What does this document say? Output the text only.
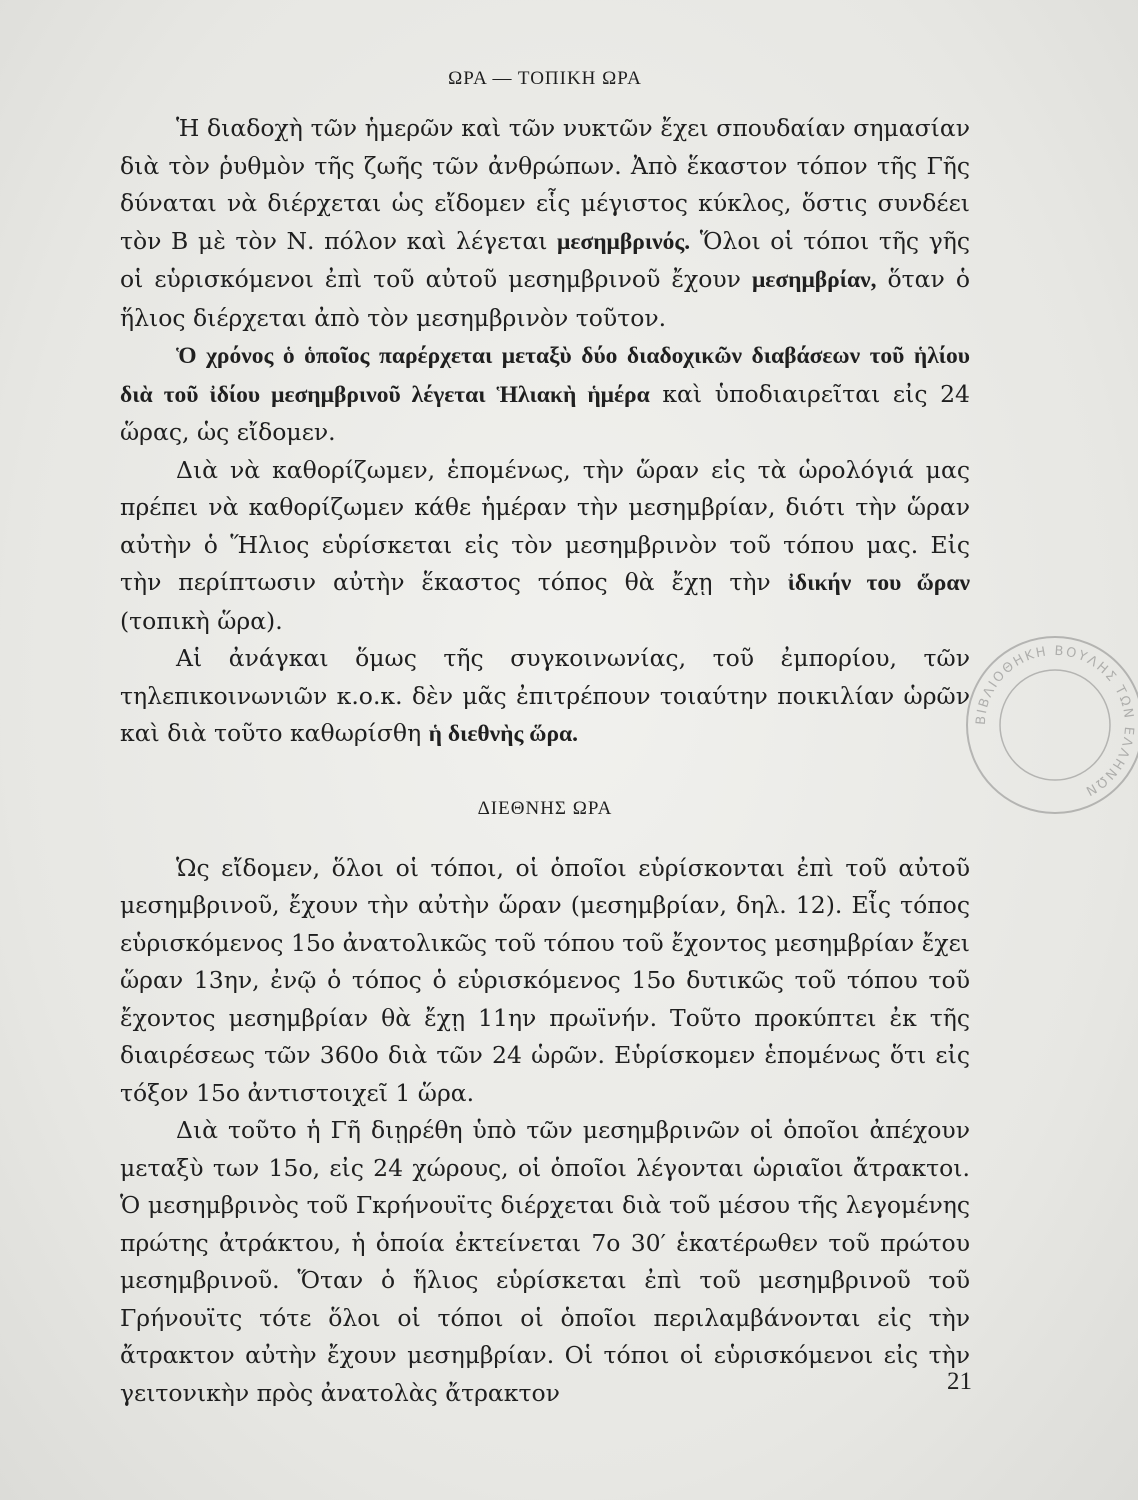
ΩΡΑ — ΤΟΠΙΚΗ ΩΡΑ

Ἡ διαδοχὴ τῶν ἡμερῶν καὶ τῶν νυκτῶν ἔχει σπουδαίαν σημασίαν διὰ τὸν ῥυθμὸν τῆς ζωῆς τῶν ἀνθρώπων. Ἀπὸ ἕκαστον τόπον τῆς Γῆς δύναται νὰ διέρχεται ὡς εἴδομεν εἷς μέγιστος κύκλος, ὅστις συνδέει τὸν Β μὲ τὸν Ν. πόλον καὶ λέγεται μεσημβρινός. Ὅλοι οἱ τόποι τῆς γῆς οἱ εὑρισκόμενοι ἐπὶ τοῦ αὐτοῦ μεσημβρινοῦ ἔχουν μεσημβρίαν, ὅταν ὁ ἥλιος διέρχεται ἀπὸ τὸν μεσημβρινὸν τοῦτον.

Ὁ χρόνος ὁ ὁποῖος παρέρχεται μεταξὺ δύο διαδοχικῶν διαβάσεων τοῦ ἡλίου διὰ τοῦ ἰδίου μεσημβρινοῦ λέγεται Ἡλιακὴ ἡμέρα καὶ ὑποδιαιρεῖται εἰς 24 ὥρας, ὡς εἴδομεν.

Διὰ νὰ καθορίζωμεν, ἑπομένως, τὴν ὥραν εἰς τὰ ὡρολόγιά μας πρέπει νὰ καθορίζωμεν κάθε ἡμέραν τὴν μεσημβρίαν, διότι τὴν ὥραν αὐτὴν ὁ Ἥλιος εὑρίσκεται εἰς τὸν μεσημβρινὸν τοῦ τόπου μας. Εἰς τὴν περίπτωσιν αὐτὴν ἕκαστος τόπος θὰ ἔχῃ τὴν ἰδικήν του ὥραν (τοπικὴ ὥρα).

Αἱ ἀνάγκαι ὅμως τῆς συγκοινωνίας, τοῦ ἐμπορίου, τῶν τηλεπικοινωνιῶν κ.ο.κ. δὲν μᾶς ἐπιτρέπουν τοιαύτην ποικιλίαν ὡρῶν καὶ διὰ τοῦτο καθωρίσθη ἡ διεθνὴς ὥρα.

ΔΙΕΘΝΗΣ ΩΡΑ

Ὡς εἴδομεν, ὅλοι οἱ τόποι, οἱ ὁποῖοι εὑρίσκονται ἐπὶ τοῦ αὐτοῦ μεσημβρινοῦ, ἔχουν τὴν αὐτὴν ὥραν (μεσημβρίαν, δηλ. 12). Εἷς τόπος εὑρισκόμενος 15ο ἀνατολικῶς τοῦ τόπου τοῦ ἔχοντος μεσημβρίαν ἔχει ὥραν 13ην, ἐνῷ ὁ τόπος ὁ εὑρισκόμενος 15ο δυτικῶς τοῦ τόπου τοῦ ἔχοντος μεσημβρίαν θὰ ἔχῃ 11ην πρωϊνήν. Τοῦτο προκύπτει ἐκ τῆς διαιρέσεως τῶν 360ο διὰ τῶν 24 ὡρῶν. Εὑρίσκομεν ἑπομένως ὅτι εἰς τόξον 15ο ἀντιστοιχεῖ 1 ὥρα.

Διὰ τοῦτο ἡ Γῆ διῃρέθη ὑπὸ τῶν μεσημβρινῶν οἱ ὁποῖοι ἀπέχουν μεταξὺ των 15ο, εἰς 24 χώρους, οἱ ὁποῖοι λέγονται ὡριαῖοι ἄτρακτοι. Ὁ μεσημβρινὸς τοῦ Γκρήνουϊτς διέρχεται διὰ τοῦ μέσου τῆς λεγομένης πρώτης ἀτράκτου, ἡ ὁποία ἐκτείνεται 7ο 30′ ἑκατέρωθεν τοῦ πρώτου μεσημβρινοῦ. Ὅταν ὁ ἥλιος εὑρίσκεται ἐπὶ τοῦ μεσημβρινοῦ τοῦ Γρήνουϊτς τότε ὅλοι οἱ τόποι οἱ ὁποῖοι περιλαμβάνονται εἰς τὴν ἄτρακτον αὐτὴν ἔχουν μεσημβρίαν. Οἱ τόποι οἱ εὑρισκόμενοι εἰς τὴν γειτονικὴν πρὸς ἀνατολὰς ἄτρακτον	21
ΒΙΒΛΙΟΘΗΚΗ ΒΟΥΛΗΣ ΤΩΝ ΕΛΛΗΝΩΝ
